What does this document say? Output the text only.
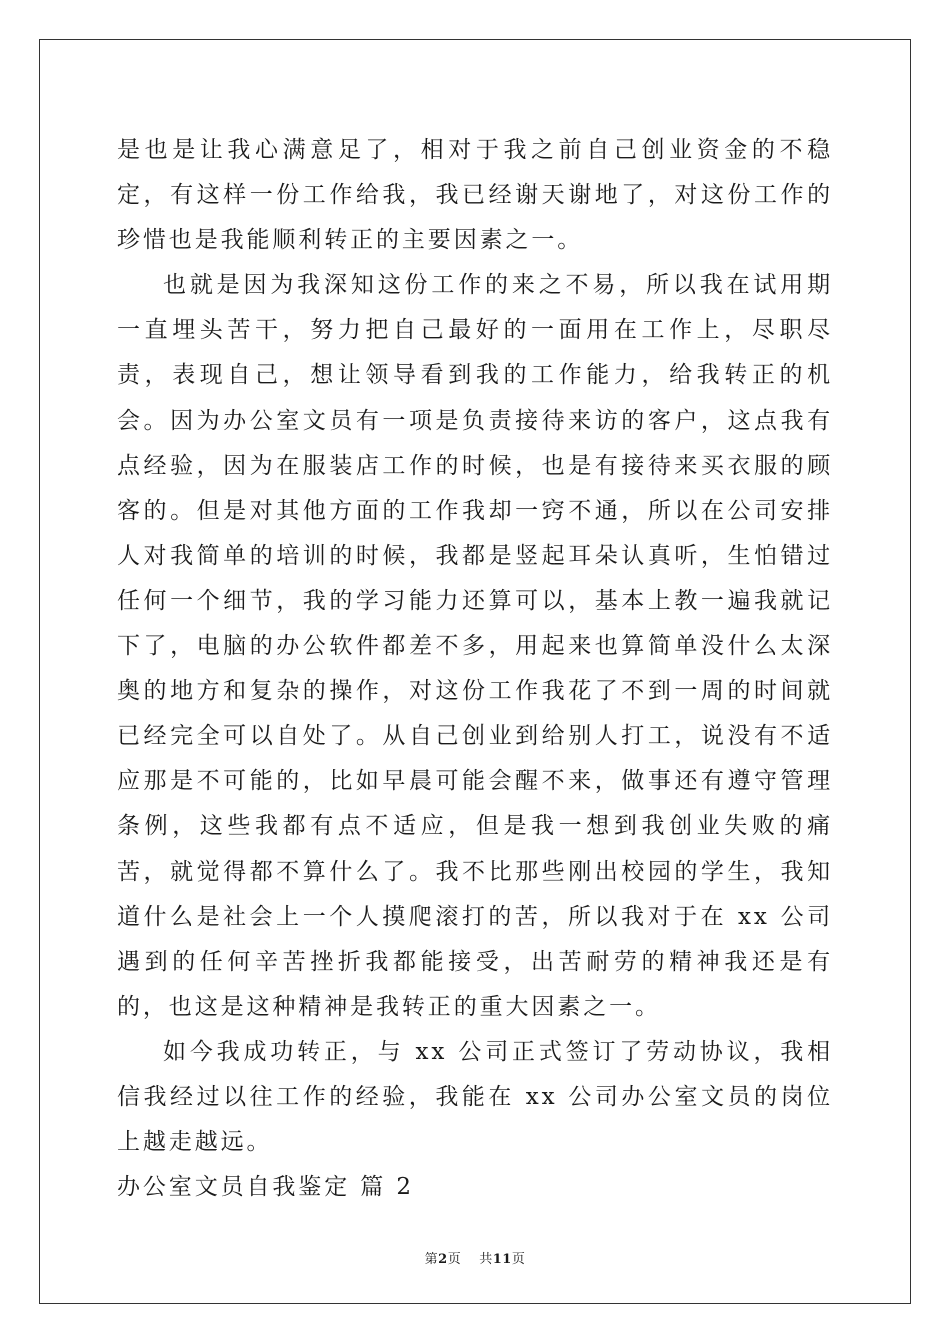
是也是让我心满意足了，相对于我之前自己创业资金的不稳定，有这样一份工作给我，我已经谢天谢地了，对这份工作的珍惜也是我能顺利转正的主要因素之一。

也就是因为我深知这份工作的来之不易，所以我在试用期一直埋头苦干，努力把自己最好的一面用在工作上，尽职尽责，表现自己，想让领导看到我的工作能力，给我转正的机会。因为办公室文员有一项是负责接待来访的客户，这点我有点经验，因为在服装店工作的时候，也是有接待来买衣服的顾客的。但是对其他方面的工作我却一窍不通，所以在公司安排人对我简单的培训的时候，我都是竖起耳朵认真听，生怕错过任何一个细节，我的学习能力还算可以，基本上教一遍我就记下了，电脑的办公软件都差不多，用起来也算简单没什么太深奥的地方和复杂的操作，对这份工作我花了不到一周的时间就已经完全可以自处了。从自己创业到给别人打工，说没有不适应那是不可能的，比如早晨可能会醒不来，做事还有遵守管理条例，这些我都有点不适应，但是我一想到我创业失败的痛苦，就觉得都不算什么了。我不比那些刚出校园的学生，我知道什么是社会上一个人摸爬滚打的苦，所以我对于在 xx 公司遇到的任何辛苦挫折我都能接受，出苦耐劳的精神我还是有的，也这是这种精神是我转正的重大因素之一。

如今我成功转正，与 xx 公司正式签订了劳动协议，我相信我经过以往工作的经验，我能在 xx 公司办公室文员的岗位上越走越远。

办公室文员自我鉴定 篇 2
第2页 共11页
